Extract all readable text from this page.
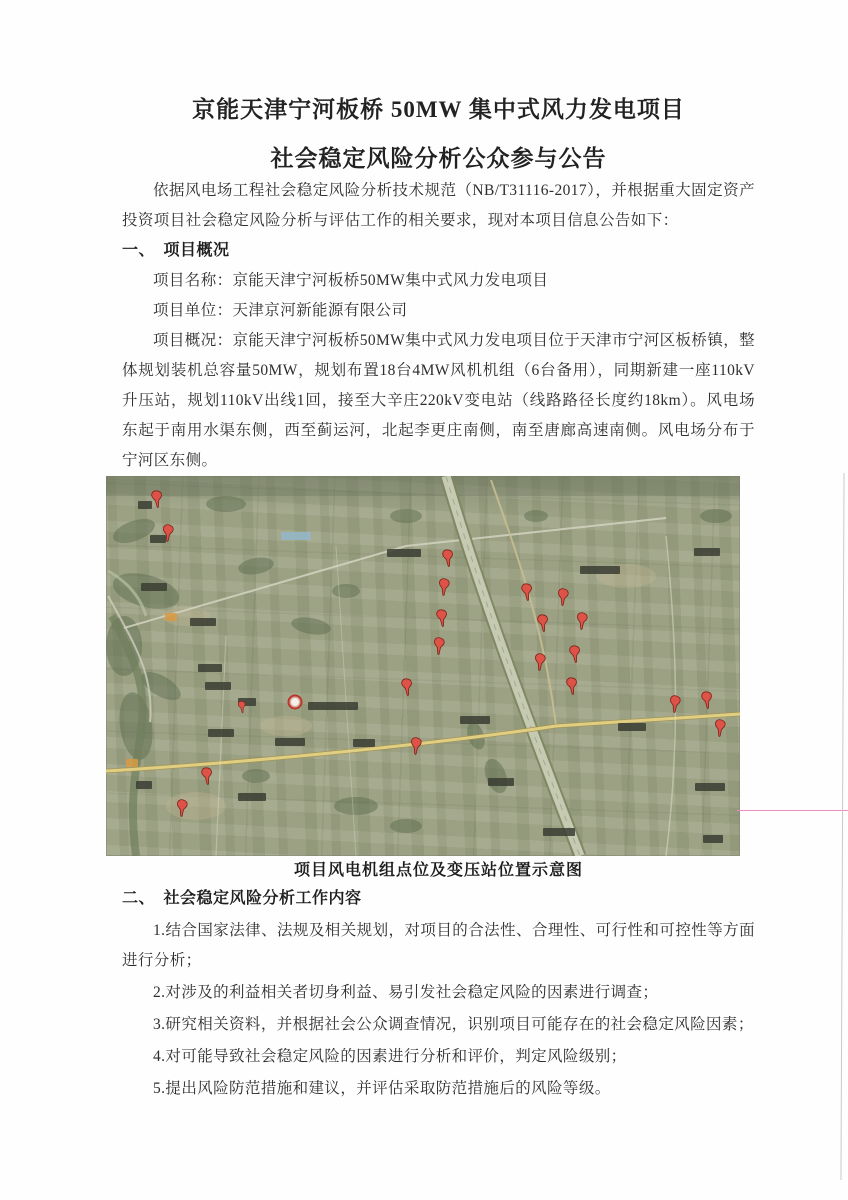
京能天津宁河板桥 50MW 集中式风力发电项目
社会稳定风险分析公众参与公告

依据风电场工程社会稳定风险分析技术规范（NB/T31116-2017），并根据重大固定资产投资项目社会稳定风险分析与评估工作的相关要求，现对本项目信息公告如下：

一、　项目概况

项目名称：京能天津宁河板桥50MW集中式风力发电项目

项目单位：天津京河新能源有限公司

项目概况：京能天津宁河板桥50MW集中式风力发电项目位于天津市宁河区板桥镇，整体规划装机总容量50MW，规划布置18台4MW风机机组（6台备用），同期新建一座110kV升压站，规划110kV出线1回，接至大辛庄220kV变电站（线路路径长度约18km）。风电场东起于南用水渠东侧，西至蓟运河，北起李更庄南侧，南至唐廊高速南侧。风电场分布于宁河区东侧。

项目风电机组点位及变压站位置示意图
二、　社会稳定风险分析工作内容

1.结合国家法律、法规及相关规划，对项目的合法性、合理性、可行性和可控性等方面进行分析；

2.对涉及的利益相关者切身利益、易引发社会稳定风险的因素进行调查；

3.研究相关资料，并根据社会公众调查情况，识别项目可能存在的社会稳定风险因素；

4.对可能导致社会稳定风险的因素进行分析和评价，判定风险级别；

5.提出风险防范措施和建议，并评估采取防范措施后的风险等级。
